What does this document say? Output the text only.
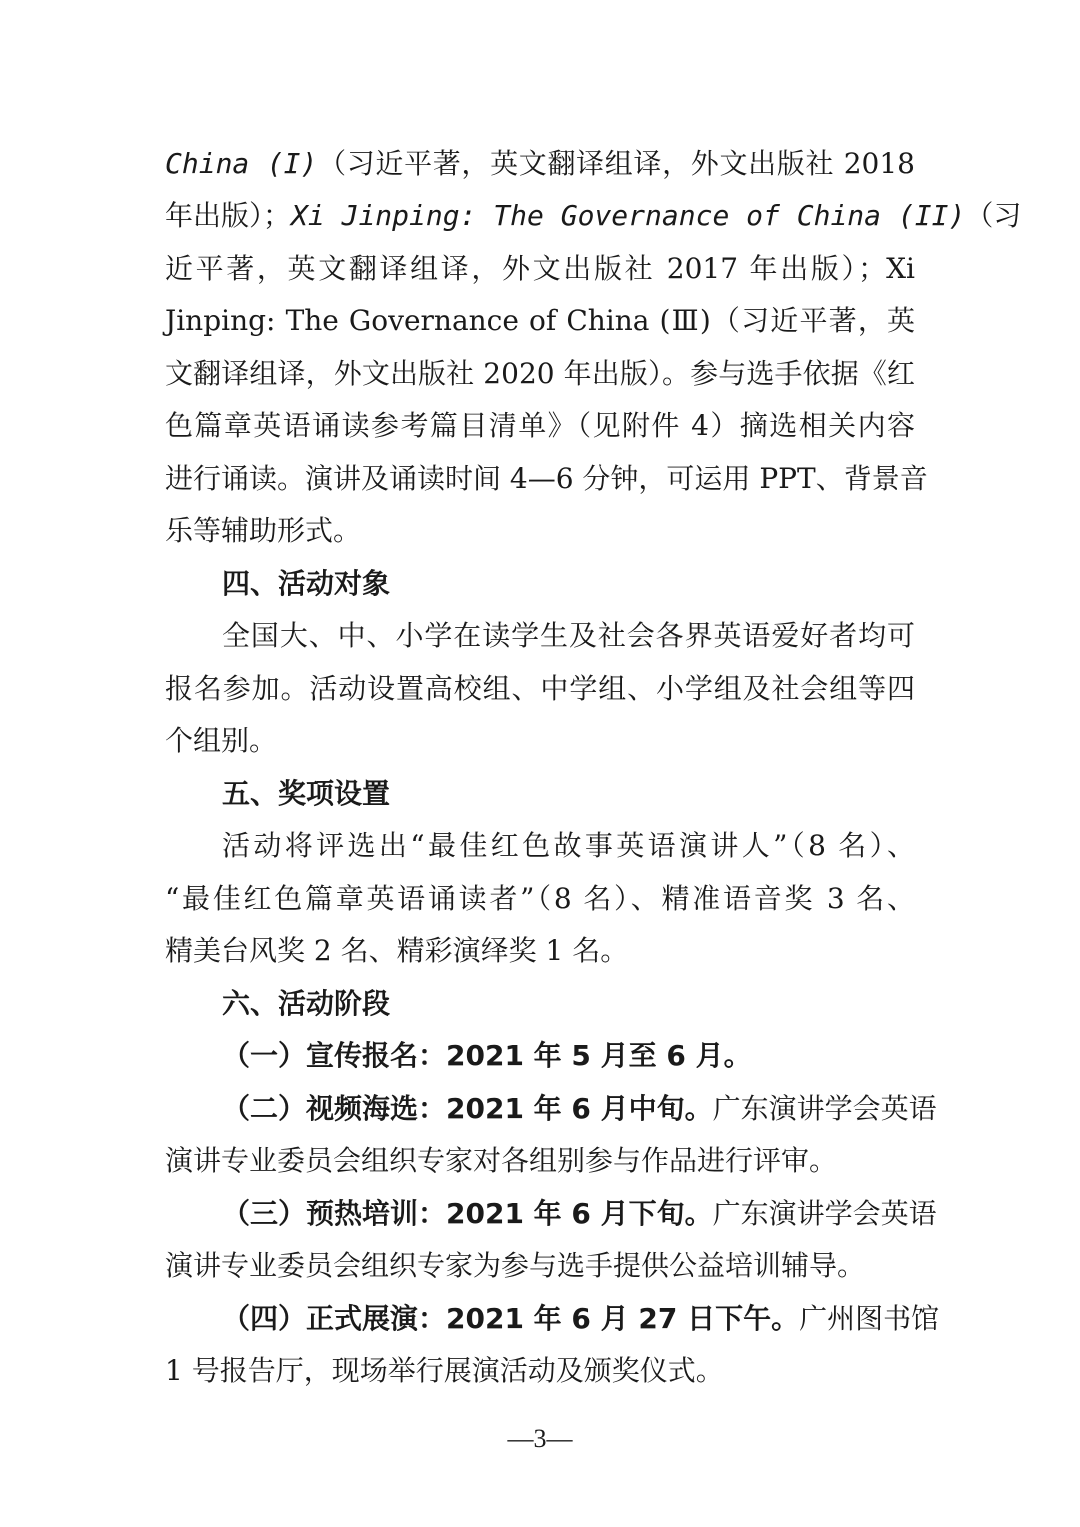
China (I)（习近平著，英文翻译组译，外文出版社 2018
年出版）；Xi Jinping: The Governance of China (II)（习
近平著，英文翻译组译，外文出版社 2017 年出版）；Xi
Jinping: The Governance of China (Ⅲ)（习近平著，英
文翻译组译，外文出版社 2020 年出版）。参与选手依据《红
色篇章英语诵读参考篇目清单》（见附件 4）摘选相关内容
进行诵读。演讲及诵读时间 4—6 分钟，可运用 PPT、背景音
乐等辅助形式。
四、活动对象
全国大、中、小学在读学生及社会各界英语爱好者均可
报名参加。活动设置高校组、中学组、小学组及社会组等四
个组别。
五、奖项设置
活动将评选出“最佳红色故事英语演讲人”（8 名）、
“最佳红色篇章英语诵读者”（8 名）、精准语音奖 3 名、
精美台风奖 2 名、精彩演绎奖 1 名。
六、活动阶段
（一）宣传报名：2021 年 5 月至 6 月。
（二）视频海选：2021 年 6 月中旬。广东演讲学会英语
演讲专业委员会组织专家对各组别参与作品进行评审。
（三）预热培训：2021 年 6 月下旬。广东演讲学会英语
演讲专业委员会组织专家为参与选手提供公益培训辅导。
（四）正式展演：2021 年 6 月 27 日下午。广州图书馆
1 号报告厅，现场举行展演活动及颁奖仪式。
—3—
